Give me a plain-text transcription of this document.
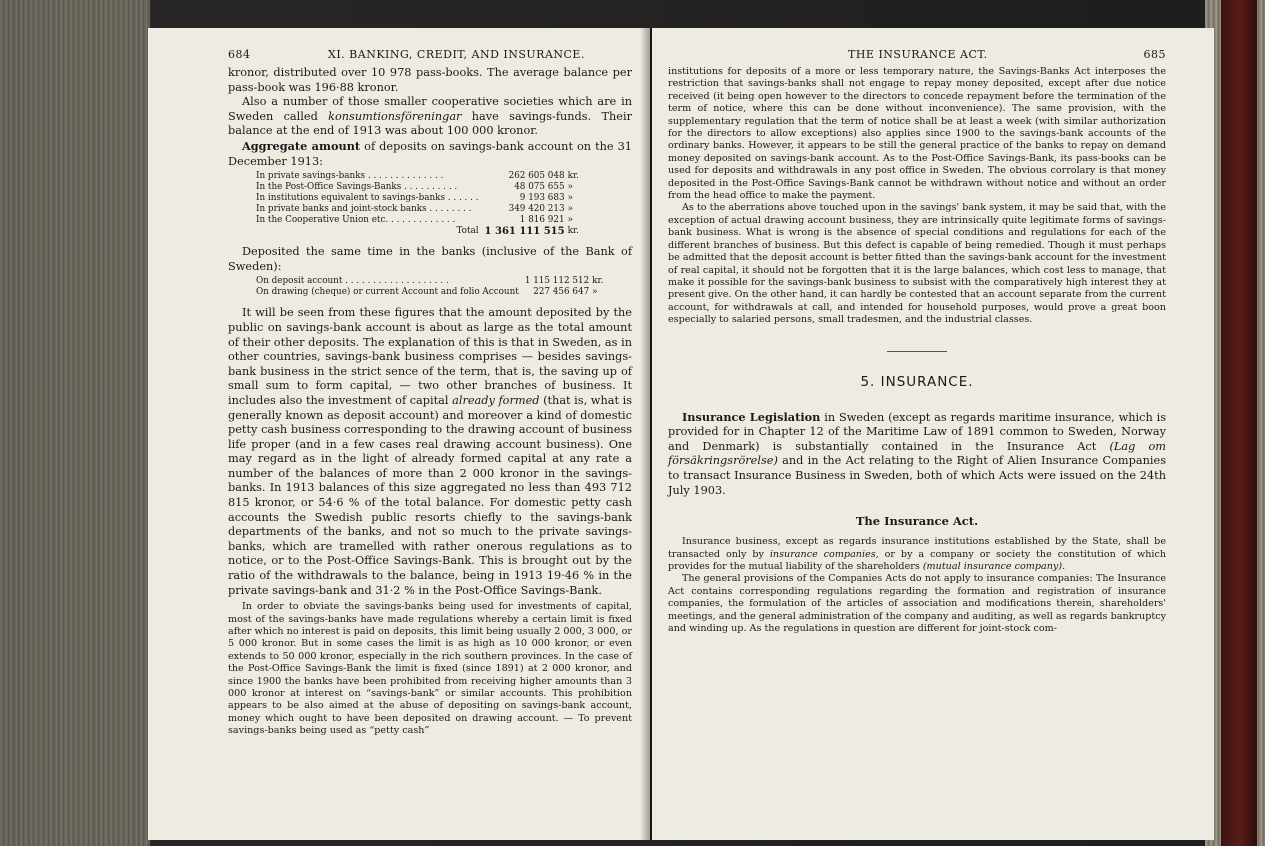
684	XI. BANKING, CREDIT, AND INSURANCE.

kronor, distributed over 10 978 pass-books. The average balance per pass-book was 196·88 kronor.

Also a number of those smaller cooperative societies which are in Sweden called konsumtionsföreningar have savings-funds. Their balance at the end of 1913 was about 100 000 kronor.

Aggregate amount of deposits on savings-bank account on the 31 December 1913:

In private savings-banks . . . . . . . . . . . . . .	262 605 048	kr.
In the Post-Office Savings-Banks . . . . . . . . . .	48 075 655	»
In institutions equivalent to savings-banks . . . . . .	9 193 683	»
In private banks and joint-stock banks . . . . . . . .	349 420 213	»
In the Cooperative Union etc. . . . . . . . . . . . .	1 816 921	»
Total	1 361 111 515	kr.

Deposited the same time in the banks (inclusive of the Bank of Sweden):

On deposit account . . . . . . . . . . . . . . . . . . .	1 115 112 512	kr.
On drawing (cheque) or current Account and folio Account	227 456 647	»

It will be seen from these figures that the amount deposited by the public on savings-bank account is about as large as the total amount of their other deposits. The explanation of this is that in Sweden, as in other countries, savings-bank business comprises — besides savings-bank business in the strict sence of the term, that is, the saving up of small sum to form capital, — two other branches of business. It includes also the investment of capital already formed (that is, what is generally known as deposit account) and moreover a kind of domestic petty cash business corresponding to the drawing account of business life proper (and in a few cases real drawing account business). One may regard as in the light of already formed capital at any rate a number of the balances of more than 2 000 kronor in the savings-banks. In 1913 balances of this size aggregated no less than 493 712 815 kronor, or 54·6 % of the total balance. For domestic petty cash accounts the Swedish public resorts chiefly to the savings-bank departments of the banks, and not so much to the private savings-banks, which are tramelled with rather onerous regulations as to notice, or to the Post-Office Savings-Bank. This is brought out by the ratio of the withdrawals to the balance, being in 1913 19·46 % in the private savings-bank and 31·2 % in the Post-Office Savings-Bank.

In order to obviate the savings-banks being used for investments of capital, most of the savings-banks have made regulations whereby a certain limit is fixed after which no interest is paid on deposits, this limit being usually 2 000, 3 000, or 5 000 kronor. But in some cases the limit is as high as 10 000 kronor, or even extends to 50 000 kronor, especially in the rich southern provinces. In the case of the Post-Office Savings-Bank the limit is fixed (since 1891) at 2 000 kronor, and since 1900 the banks have been prohibited from receiving higher amounts than 3 000 kronor at interest on “savings-bank” or similar accounts. This prohibition appears to be also aimed at the abuse of depositing on savings-bank account, money which ought to have been deposited on drawing account. — To prevent savings-banks being used as “petty cash”

THE INSURANCE ACT.	685

institutions for deposits of a more or less temporary nature, the Savings-Banks Act interposes the restriction that savings-banks shall not engage to repay money deposited, except after due notice received (it being open however to the directors to concede repayment before the termination of the term of notice, where this can be done without inconvenience). The same provision, with the supplementary regulation that the term of notice shall be at least a week (with similar authorization for the directors to allow exceptions) also applies since 1900 to the savings-bank accounts of the ordinary banks. However, it appears to be still the general practice of the banks to repay on demand money deposited on savings-bank account. As to the Post-Office Savings-Bank, its pass-books can be used for deposits and withdrawals in any post office in Sweden. The obvious corrolary is that money deposited in the Post-Office Savings-Bank cannot be withdrawn without notice and without an order from the head office to make the payment.

As to the aberrations above touched upon in the savings' bank system, it may be said that, with the exception of actual drawing account business, they are intrinsically quite legitimate forms of savings-bank business. What is wrong is the absence of special conditions and regulations for each of the different branches of business. But this defect is capable of being remedied. Though it must perhaps be admitted that the deposit account is better fitted than the savings-bank account for the investment of real capital, it should not be forgotten that it is the large balances, which cost less to manage, that make it possible for the savings-bank business to subsist with the comparatively high interest they at present give. On the other hand, it can hardly be contested that an account separate from the current account, for withdrawals at call, and intended for household purposes, would prove a great boon especially to salaried persons, small tradesmen, and the industrial classes.

5. INSURANCE.

Insurance Legislation in Sweden (except as regards maritime insurance, which is provided for in Chapter 12 of the Maritime Law of 1891 common to Sweden, Norway and Denmark) is substantially contained in the Insurance Act (Lag om försäkringsrörelse) and in the Act relating to the Right of Alien Insurance Companies to transact Insurance Business in Sweden, both of which Acts were issued on the 24th July 1903.

The Insurance Act.

Insurance business, except as regards insurance institutions established by the State, shall be transacted only by insurance companies, or by a company or society the constitution of which provides for the mutual liability of the shareholders (mutual insurance company).

The general provisions of the Companies Acts do not apply to insurance companies: The Insurance Act contains corresponding regulations regarding the formation and registration of insurance companies, the formulation of the articles of association and modifications therein, shareholders' meetings, and the general administration of the company and auditing, as well as regards bankruptcy and winding up. As the regulations in question are different for joint-stock com-
